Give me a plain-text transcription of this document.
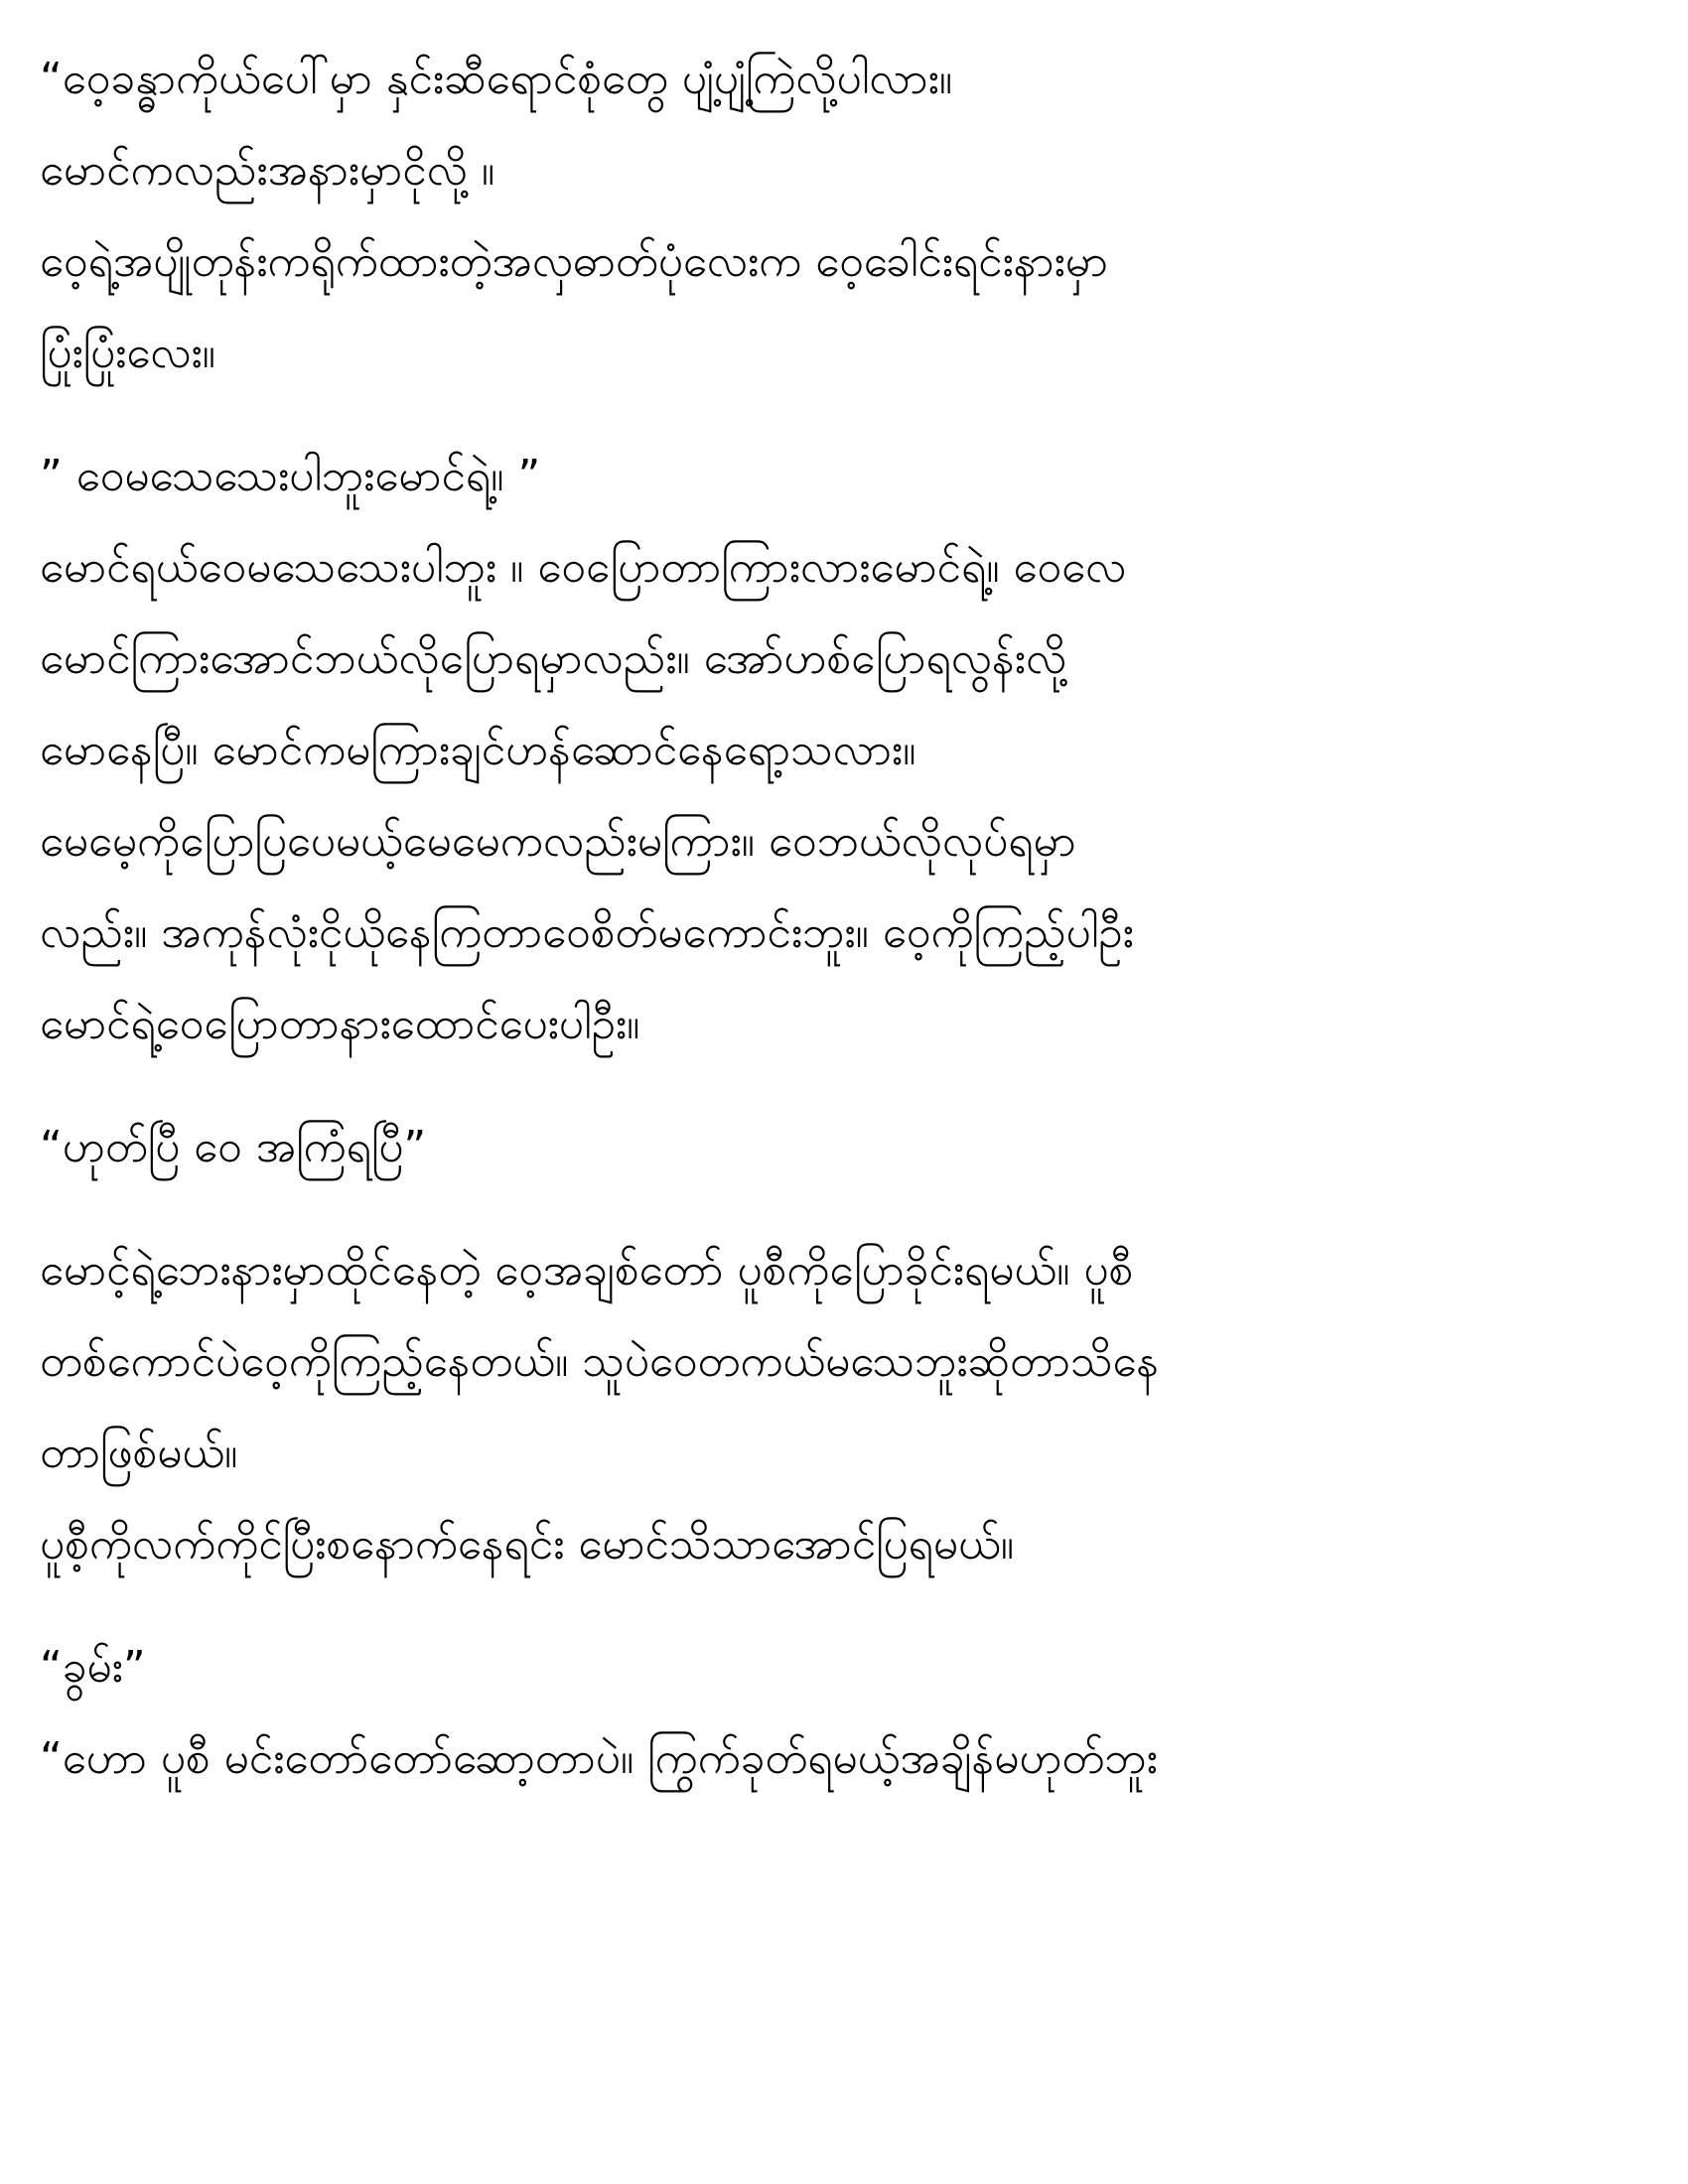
“ဝေ့ခန္ဓာကိုယ်ပေါ်မှာ နှင်းဆီရောင်စုံတွေ ပျံ့ပျံ့ကြဲလို့ပါလား။
မောင်ကလည်းအနားမှာငိုလို့ ။
ဝေ့ရဲ့အပျိုတုန်းကရိုက်ထားတဲ့အလှဓာတ်ပုံလေးက ဝေ့ခေါင်းရင်းနားမှာ
ပြုံးပြုံးလေး။
” ဝေမသေသေးပါဘူးမောင်ရဲ့။ ”
မောင်ရယ်ဝေမသေသေးပါဘူး ။ ဝေပြောတာကြားလားမောင်ရဲ့။ ဝေလေ
မောင်ကြားအောင်ဘယ်လိုပြောရမှာလည်း။ အော်ဟစ်ပြောရလွန်းလို့
မောနေပြီ။ မောင်ကမကြားချင်ဟန်ဆောင်နေရော့သလား။
မေမေ့ကိုပြောပြပေမယ့်မေမေကလည်းမကြား။ ဝေဘယ်လိုလုပ်ရမှာ
လည်း။ အကုန်လုံးငိုယိုနေကြတာဝေစိတ်မကောင်းဘူး။ ဝေ့ကိုကြည့်ပါဦး
မောင်ရဲ့ဝေပြောတာနားထောင်ပေးပါဦး။
“ဟုတ်ပြီ ဝေ အကြံရပြီ”
မောင့်ရဲ့ဘေးနားမှာထိုင်နေတဲ့ ဝေ့အချစ်တော် ပူစီကိုပြောခိုင်းရမယ်။ ပူစီ
တစ်ကောင်ပဲဝေ့ကိုကြည့်နေတယ်။ သူပဲဝေတကယ်မသေဘူးဆိုတာသိနေ
တာဖြစ်မယ်။
ပူစီ့ကိုလက်ကိုင်ပြီးစနောက်နေရင်း မောင်သိသာအောင်ပြရမယ်။
“ခွမ်း”
“ဟော ပူစီ မင်းတော်တော်ဆော့တာပဲ။ ကြွက်ခုတ်ရမယ့်အချိန်မဟုတ်ဘူး
